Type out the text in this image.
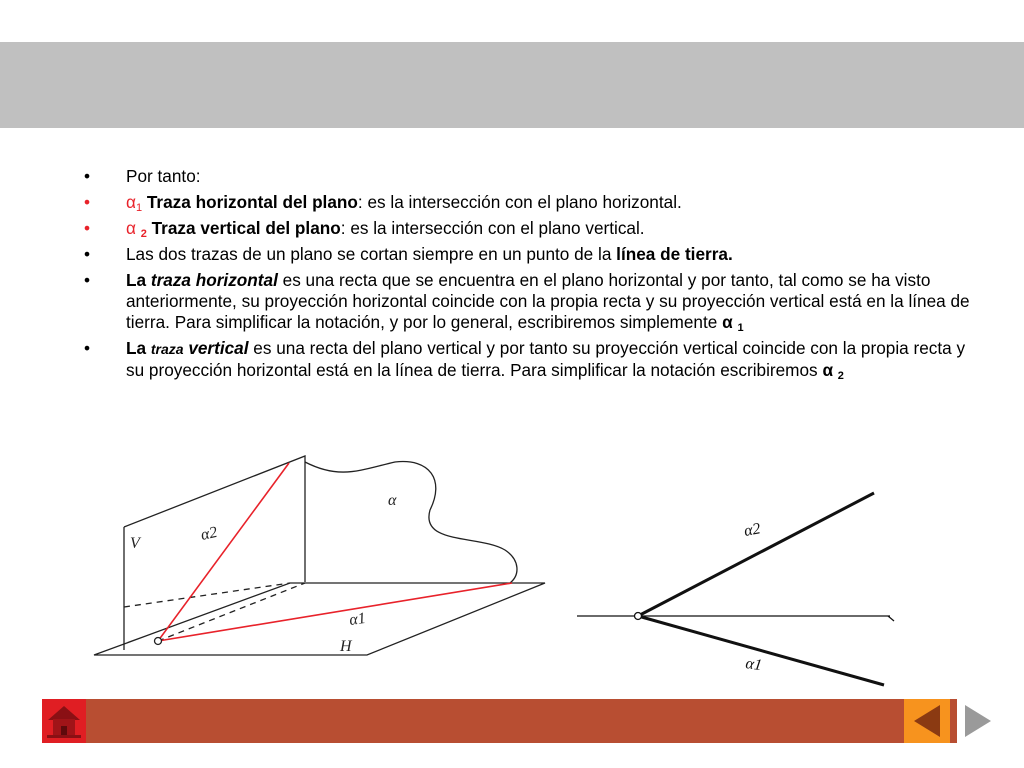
•	Por tanto:
•	$\alpha_1$ Traza horizontal del plano: es la intersección con el plano horizontal.
•	α $_2$ Traza vertical del plano: es la intersección con el plano vertical.
•	Las dos trazas de un plano se cortan siempre en un punto de la línea de tierra.
•	La traza horizontal es una recta que se encuentra en el plano horizontal y por tanto, tal como se ha visto anteriormente, su proyección horizontal coincide con la propia recta y su proyección vertical está en la línea de tierra. Para simplificar la notación, y por lo general, escribiremos simplemente α $_1$
•	La traza vertical es una recta del plano vertical y por tanto su proyección vertical coincide con la propia recta y su proyección horizontal está en la línea de tierra. Para simplificar la notación escribiremos α $_2$
V
H
α
α2
α1
α2
α1
